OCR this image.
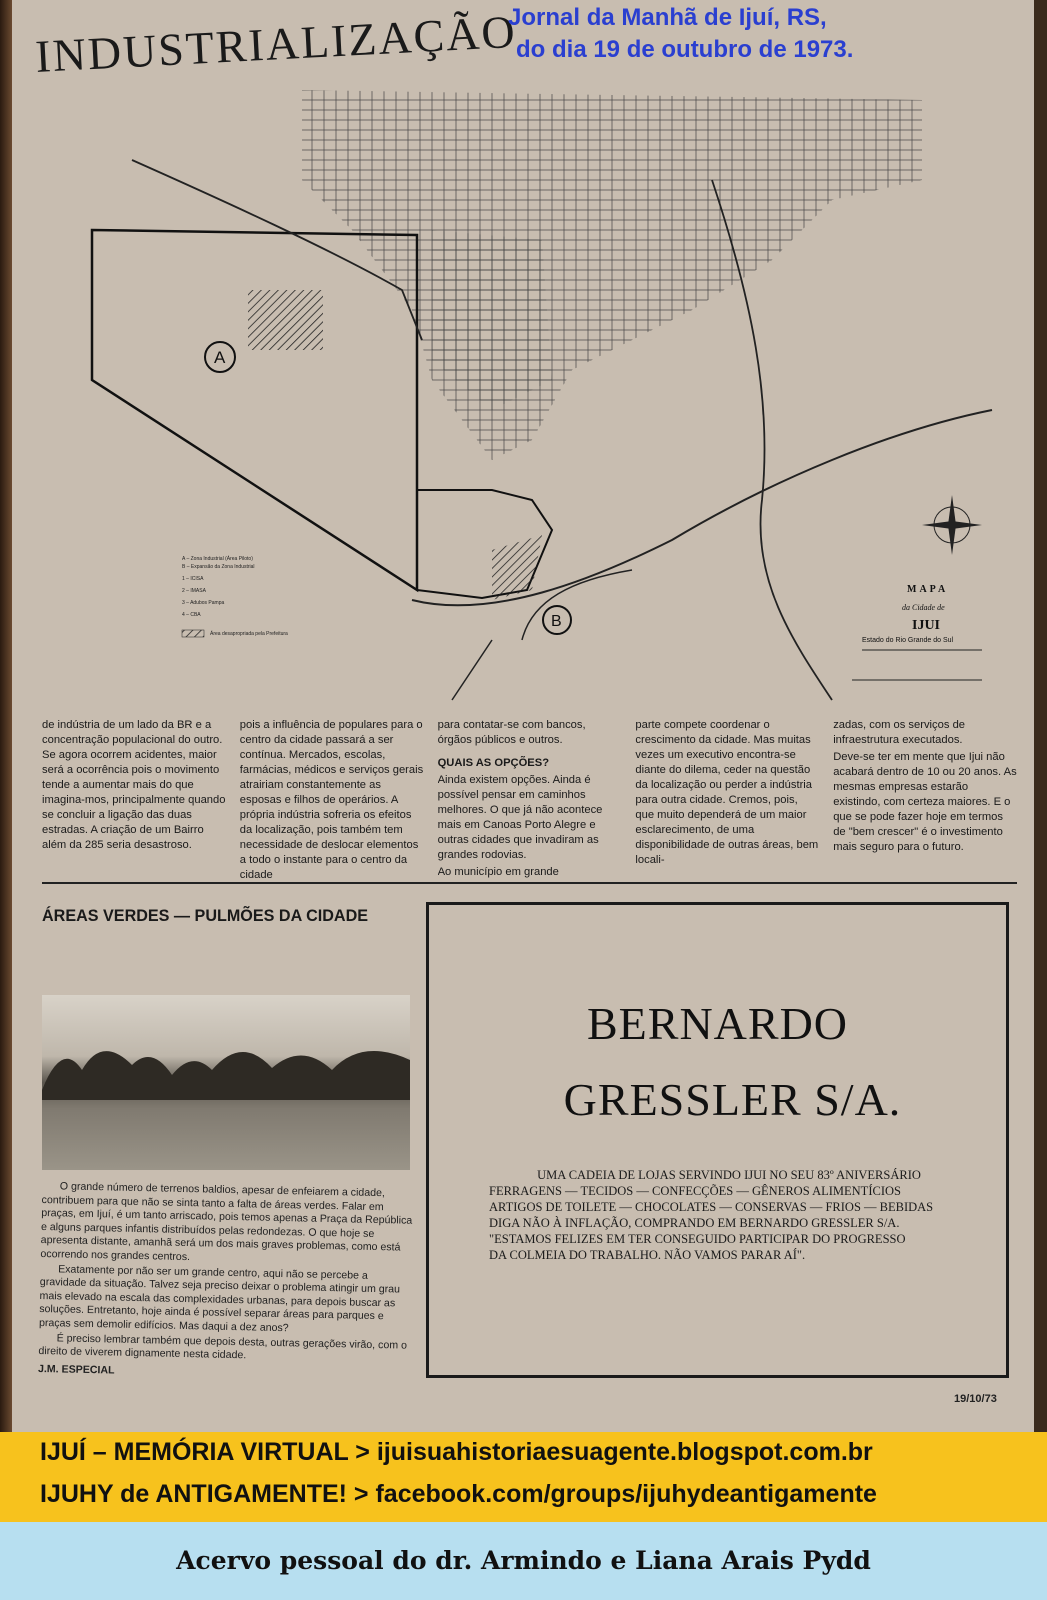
INDUSTRIALIZAÇÃO
Jornal da Manhã de Ijuí, RS,
do dia 19 de outubro de 1973.
A
B
A – Zona Industrial (Área Piloto)
B – Expansão da Zona Industrial
1 – ICISA
2 – IMASA
3 – Adubos Pampa
4 – CBA
Área desapropriada pela Prefeitura
MAPA
da Cidade de
IJUI
Estado do Rio Grande do Sul

de indústria de um lado da BR e a concentração populacional do outro. Se agora ocorrem acidentes, maior será a ocorrência pois o movimento tende a aumentar mais do que imagina-mos, principalmente quando se concluir a ligação das duas estradas. A criação de um Bairro além da 285 seria desastroso.

pois a influência de populares para o centro da cidade passará a ser contínua. Mercados, escolas, farmácias, médicos e serviços gerais atrairiam constantemente as esposas e filhos de operários. A própria indústria sofreria os efeitos da localização, pois também tem necessidade de deslocar elementos a todo o instante para o centro da cidade

para contatar-se com bancos, órgãos públicos e outros.

QUAIS AS OPÇÕES?

Ainda existem opções. Ainda é possível pensar em caminhos melhores. O que já não acontece mais em Canoas Porto Alegre e outras cidades que invadiram as grandes rodovias.

Ao município em grande

parte compete coordenar o crescimento da cidade. Mas muitas vezes um executivo encontra-se diante do dilema, ceder na questão da localização ou perder a indústria para outra cidade. Cremos, pois, que muito dependerá de um maior esclarecimento, de uma disponibilidade de outras áreas, bem locali-

zadas, com os serviços de infraestrutura executados.

Deve-se ter em mente que Ijui não acabará dentro de 10 ou 20 anos. As mesmas empresas estarão existindo, com certeza maiores. E o que se pode fazer hoje em termos de "bem crescer" é o investimento mais seguro para o futuro.

ÁREAS VERDES — PULMÕES DA CIDADE

O grande número de terrenos baldios, apesar de enfeiarem a cidade, contribuem para que não se sinta tanto a falta de áreas verdes. Falar em praças, em Ijuí, é um tanto arriscado, pois temos apenas a Praça da República e alguns parques infantis distribuídos pelas redondezas. O que hoje se apresenta distante, amanhã será um dos mais graves problemas, como está ocorrendo nos grandes centros.

Exatamente por não ser um grande centro, aqui não se percebe a gravidade da situação. Talvez seja preciso deixar o problema atingir um grau mais elevado na escala das complexidades urbanas, para depois buscar as soluções. Entretanto, hoje ainda é possível separar áreas para parques e praças sem demolir edifícios. Mas daqui a dez anos?

É preciso lembrar também que depois desta, outras gerações virão, com o direito de viverem dignamente nesta cidade.

J.M. ESPECIAL

BERNARDO
GRESSLER S/A.
UMA CADEIA DE LOJAS SERVINDO IJUI NO SEU 83º ANIVERSÁRIO
FERRAGENS — TECIDOS — CONFECÇÕES — GÊNEROS ALIMENTÍCIOS
ARTIGOS DE TOILETE — CHOCOLATES — CONSERVAS — FRIOS — BEBIDAS
DIGA NÃO À INFLAÇÃO, COMPRANDO EM BERNARDO GRESSLER S/A.
"ESTAMOS FELIZES EM TER CONSEGUIDO PARTICIPAR DO PROGRESSO
DA COLMEIA DO TRABALHO. NÃO VAMOS PARAR AÍ".
19/10/73
IJUÍ – MEMÓRIA VIRTUAL > ijuisuahistoriaesuagente.blogspot.com.br
IJUHY de ANTIGAMENTE! > facebook.com/groups/ijuhydeantigamente
Acervo pessoal do dr. Armindo e Liana Arais Pydd
